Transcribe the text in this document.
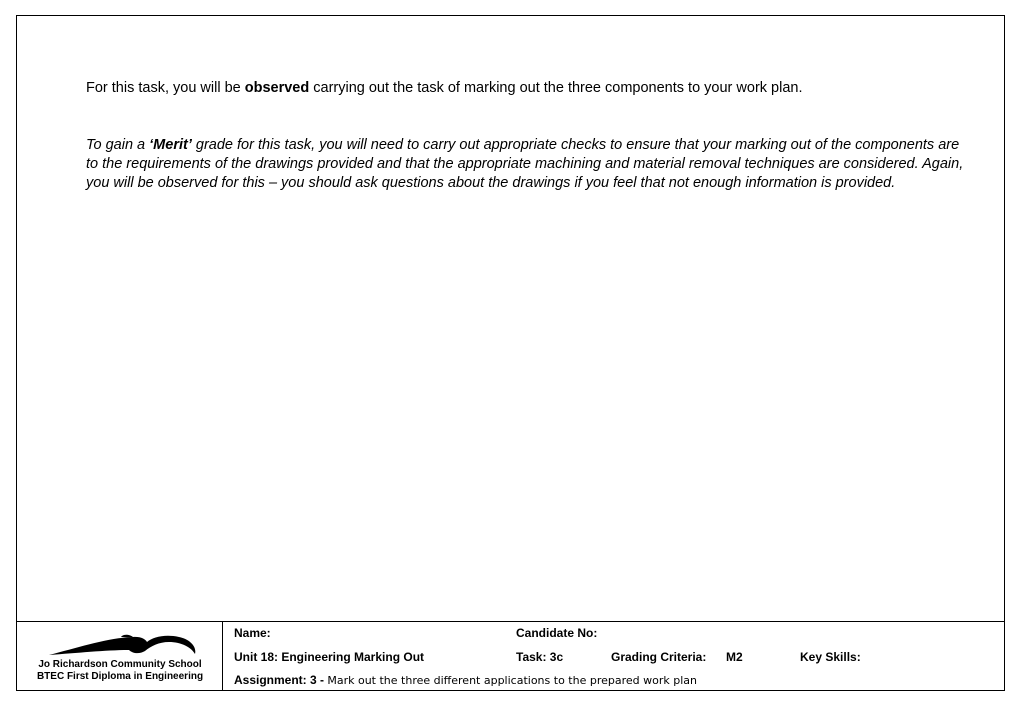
For this task, you will be observed carrying out the task of marking out the three components to your work plan.

To gain a ‘Merit’ grade for this task, you will need to carry out appropriate checks to ensure that your marking out of the components are to the requirements of the drawings provided and that the appropriate machining and material removal techniques are considered. Again, you will be observed for this – you should ask questions about the drawings if you feel that not enough information is provided.

Jo Richardson Community School
BTEC First Diploma in Engineering
Name:	Candidate No:
Unit 18: Engineering Marking Out	Task: 3c	Grading Criteria: M2	Key Skills:
Assignment: 3 - Mark out the three different applications to the prepared work plan
